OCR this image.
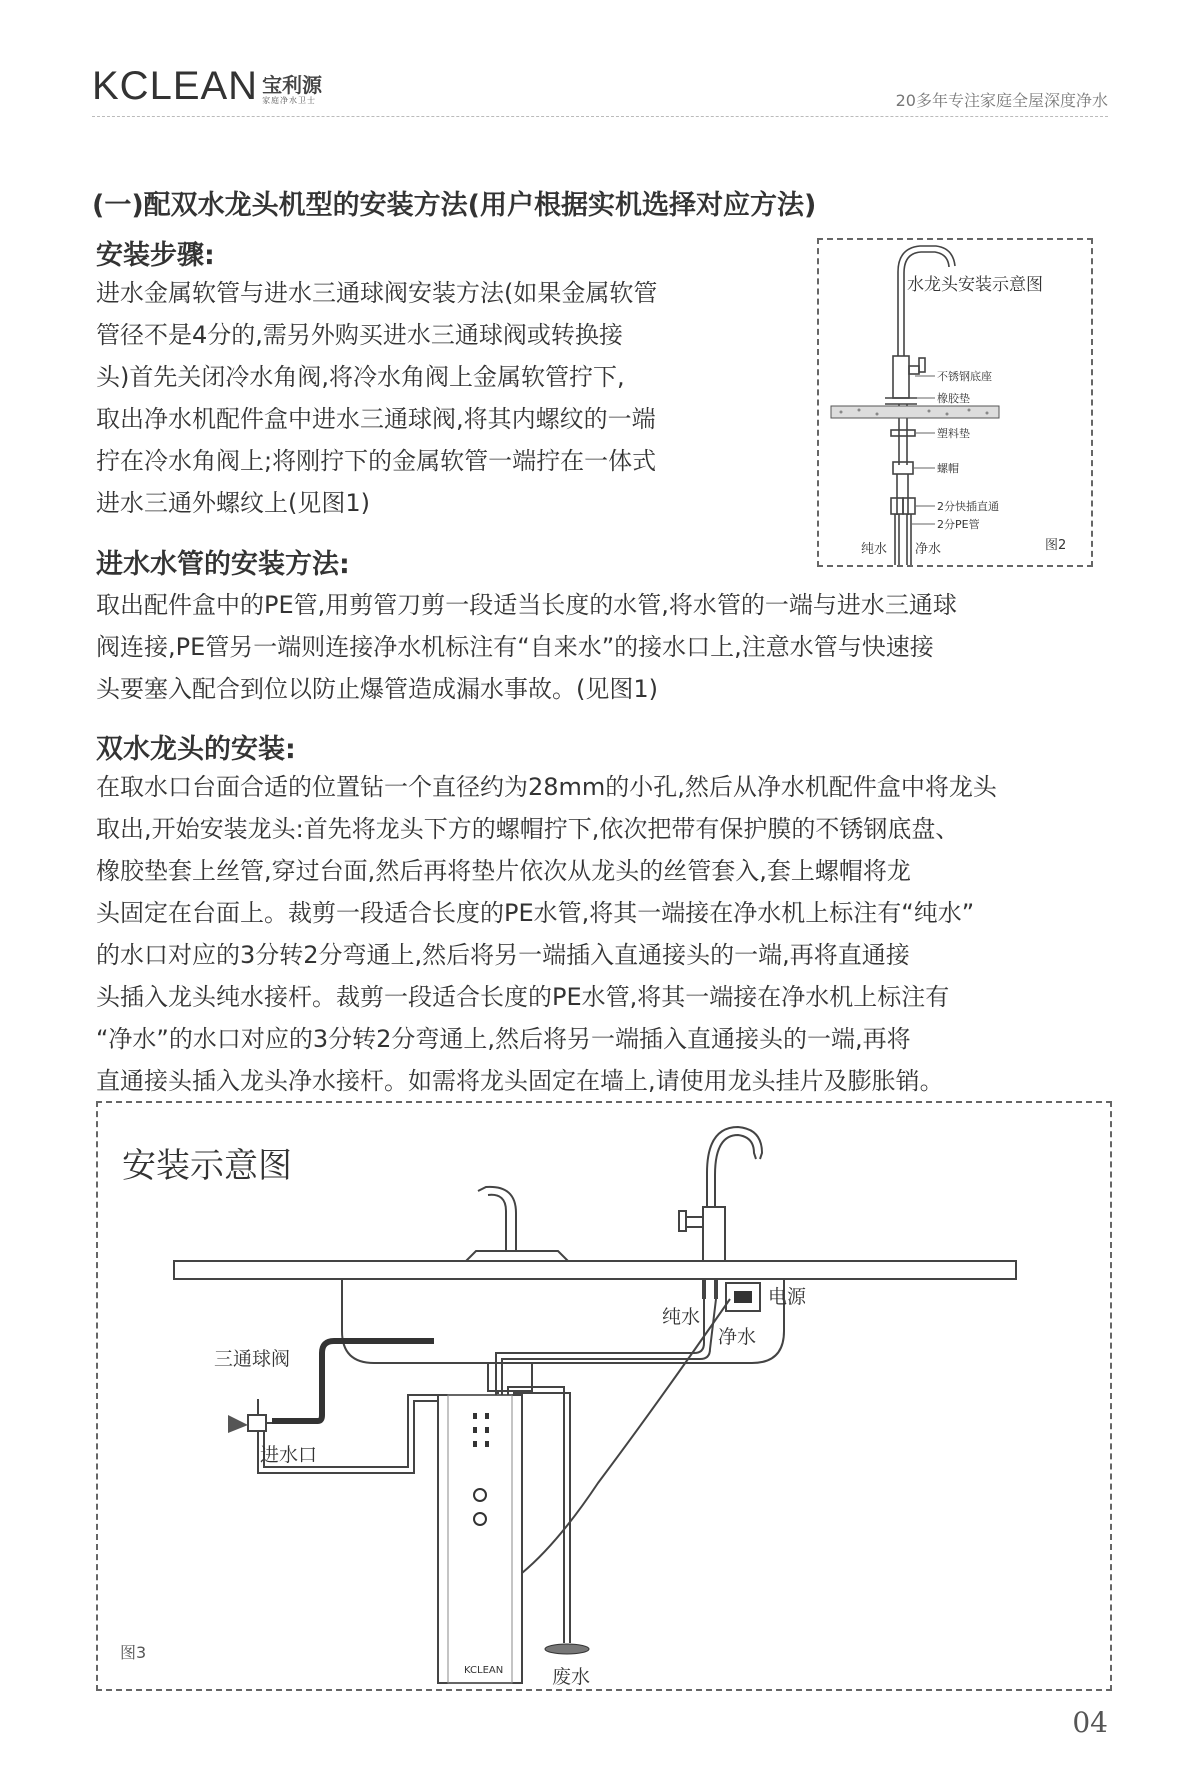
KCLEAN 宝利源
家庭净水卫士	20多年专注家庭全屋深度净水
(一)配双水龙头机型的安装方法(用户根据实机选择对应方法)
安装步骤:
进水金属软管与进水三通球阀安装方法(如果金属软管
管径不是4分的,需另外购买进水三通球阀或转换接
头)首先关闭冷水角阀,将冷水角阀上金属软管拧下,
取出净水机配件盒中进水三通球阀,将其内螺纹的一端
拧在冷水角阀上;将刚拧下的金属软管一端拧在一体式
进水三通外螺纹上(见图1)
水龙头安装示意图
不锈钢底座
橡胶垫
塑料垫
螺帽
2分快插直通
2分PE管
纯水 净水	图2
进水水管的安装方法:
取出配件盒中的PE管,用剪管刀剪一段适当长度的水管,将水管的一端与进水三通球
阀连接,PE管另一端则连接净水机标注有“自来水”的接水口上,注意水管与快速接
头要塞入配合到位以防止爆管造成漏水事故。(见图1)
双水龙头的安装:
在取水口台面合适的位置钻一个直径约为28mm的小孔,然后从净水机配件盒中将龙头
取出,开始安装龙头:首先将龙头下方的螺帽拧下,依次把带有保护膜的不锈钢底盘、
橡胶垫套上丝管,穿过台面,然后再将垫片依次从龙头的丝管套入,套上螺帽将龙
头固定在台面上。裁剪一段适合长度的PE水管,将其一端接在净水机上标注有“纯水”
的水口对应的3分转2分弯通上,然后将另一端插入直通接头的一端,再将直通接
头插入龙头纯水接杆。裁剪一段适合长度的PE水管,将其一端接在净水机上标注有
“净水”的水口对应的3分转2分弯通上,然后将另一端插入直通接头的一端,再将
直通接头插入龙头净水接杆。如需将龙头固定在墙上,请使用龙头挂片及膨胀销。
KCLEAN
安装示意图
三通球阀
进水口
纯水
净水
电源
废水
图3
04
